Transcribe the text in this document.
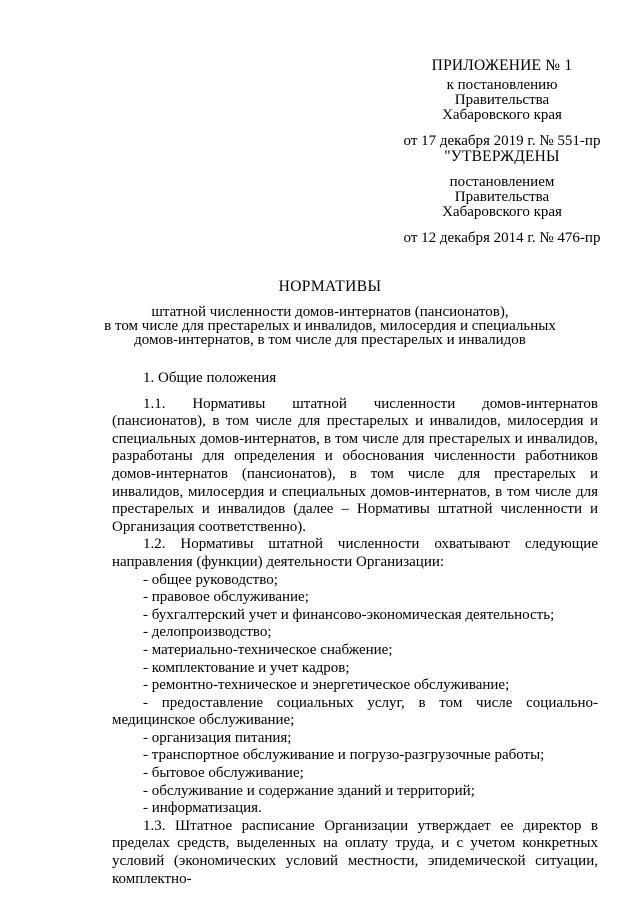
ПРИЛОЖЕНИЕ № 1
к постановлению
Правительства
Хабаровского края
от 17 декабря 2019 г. № 551-пр
"УТВЕРЖДЕНЫ
постановлением
Правительства
Хабаровского края
от 12 декабря 2014 г. № 476-пр
НОРМАТИВЫ
штатной численности домов-интернатов (пансионатов),
в том числе для престарелых и инвалидов, милосердия и специальных
домов-интернатов, в том числе для престарелых и инвалидов
1. Общие положения

1.1. Нормативы штатной численности домов-интернатов (пансионатов), в том числе для престарелых и инвалидов, милосердия и специальных домов-интернатов, в том числе для престарелых и инвалидов, разработаны для определения и обоснования численности работников домов-интернатов (пансионатов), в том числе для престарелых и инвалидов, милосердия и специальных домов-интернатов, в том числе для престарелых и инвалидов (далее – Нормативы штатной численности и Организация соответственно).

1.2. Нормативы штатной численности охватывают следующие направления (функции) деятельности Организации:

- общее руководство;

- правовое обслуживание;

- бухгалтерский учет и финансово-экономическая деятельность;

- делопроизводство;

- материально-техническое снабжение;

- комплектование и учет кадров;

- ремонтно-техническое и энергетическое обслуживание;

- предоставление социальных услуг, в том числе социально-медицинское обслуживание;

- организация питания;

- транспортное обслуживание и погрузо-разгрузочные работы;

- бытовое обслуживание;

- обслуживание и содержание зданий и территорий;

- информатизация.

1.3. Штатное расписание Организации утверждает ее директор в пределах средств, выделенных на оплату труда, и с учетом конкретных условий (экономических условий местности, эпидемической ситуации, комплектно-
